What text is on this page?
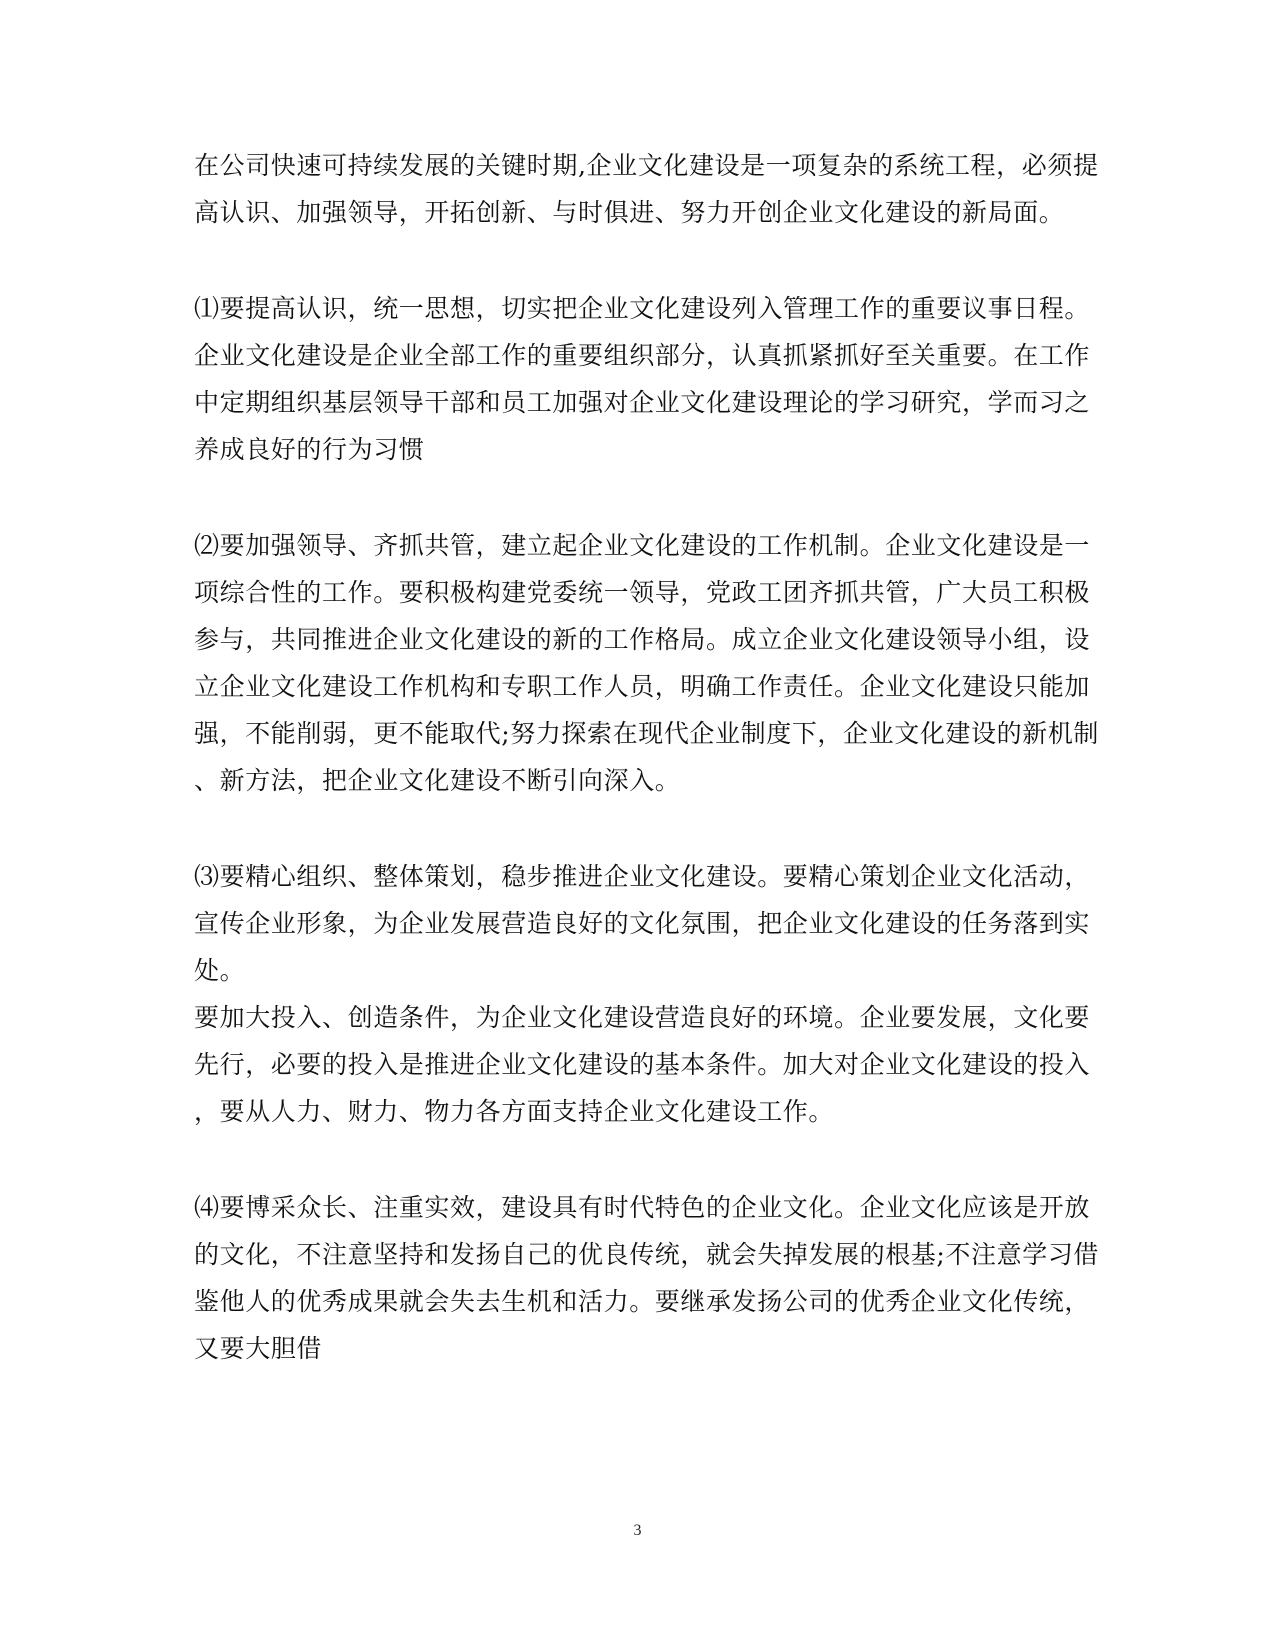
在公司快速可持续发展的关键时期,企业文化建设是一项复杂的系统工程，必须提
高认识、加强领导，开拓创新、与时俱进、努力开创企业文化建设的新局面。
⑴要提高认识，统一思想，切实把企业文化建设列入管理工作的重要议事日程。
企业文化建设是企业全部工作的重要组织部分，认真抓紧抓好至关重要。在工作
中定期组织基层领导干部和员工加强对企业文化建设理论的学习研究，学而习之
养成良好的行为习惯
⑵要加强领导、齐抓共管，建立起企业文化建设的工作机制。企业文化建设是一
项综合性的工作。要积极构建党委统一领导，党政工团齐抓共管，广大员工积极
参与，共同推进企业文化建设的新的工作格局。成立企业文化建设领导小组，设
立企业文化建设工作机构和专职工作人员，明确工作责任。企业文化建设只能加
强，不能削弱，更不能取代;努力探索在现代企业制度下，企业文化建设的新机制
、新方法，把企业文化建设不断引向深入。
⑶要精心组织、整体策划，稳步推进企业文化建设。要精心策划企业文化活动，
宣传企业形象，为企业发展营造良好的文化氛围，把企业文化建设的任务落到实
处。
要加大投入、创造条件，为企业文化建设营造良好的环境。企业要发展，文化要
先行，必要的投入是推进企业文化建设的基本条件。加大对企业文化建设的投入
，要从人力、财力、物力各方面支持企业文化建设工作。
⑷要博采众长、注重实效，建设具有时代特色的企业文化。企业文化应该是开放
的文化，不注意坚持和发扬自己的优良传统，就会失掉发展的根基;不注意学习借
鉴他人的优秀成果就会失去生机和活力。要继承发扬公司的优秀企业文化传统，
又要大胆借
3
